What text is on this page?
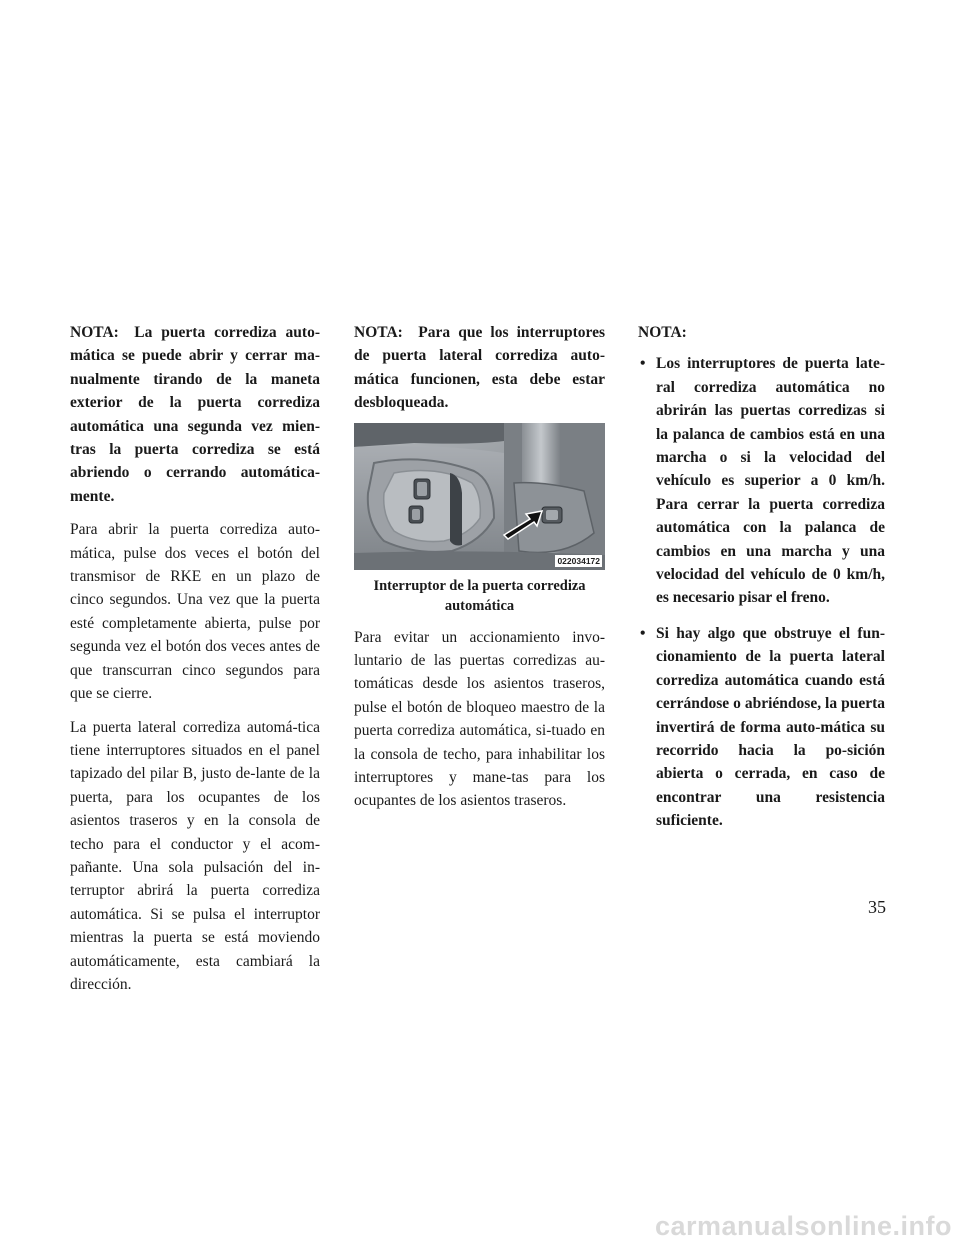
NOTA: La puerta corrediza auto-mática se puede abrir y cerrar ma-nualmente tirando de la maneta exterior de la puerta corrediza automática una segunda vez mien-tras la puerta corrediza se está abriendo o cerrando automática-mente.

Para abrir la puerta corrediza auto-mática, pulse dos veces el botón del transmisor de RKE en un plazo de cinco segundos. Una vez que la puerta esté completamente abierta, pulse por segunda vez el botón dos veces antes de que transcurran cinco segundos para que se cierre.

La puerta lateral corrediza automá-tica tiene interruptores situados en el panel tapizado del pilar B, justo de-lante de la puerta, para los ocupantes de los asientos traseros y en la consola de techo para el conductor y el acom-pañante. Una sola pulsación del in-terruptor abrirá la puerta corrediza automática. Si se pulsa el interruptor mientras la puerta se está moviendo automáticamente, esta cambiará la dirección.

NOTA: Para que los interruptores de puerta lateral corrediza auto-mática funcionen, esta debe estar desbloqueada.

022034172
Interruptor de la puerta corrediza automática

Para evitar un accionamiento invo-luntario de las puertas corredizas au-tomáticas desde los asientos traseros, pulse el botón de bloqueo maestro de la puerta corrediza automática, si-tuado en la consola de techo, para inhabilitar los interruptores y mane-tas para los ocupantes de los asientos traseros.

NOTA:

• Los interruptores de puerta late-ral corrediza automática no abrirán las puertas corredizas si la palanca de cambios está en una marcha o si la velocidad del vehículo es superior a 0 km/h. Para cerrar la puerta corrediza automática con la palanca de cambios en una marcha y una velocidad del vehículo de 0 km/h, es necesario pisar el freno.
• Si hay algo que obstruye el fun-cionamiento de la puerta lateral corrediza automática cuando está cerrándose o abriéndose, la puerta invertirá de forma auto-mática su recorrido hacia la po-sición abierta o cerrada, en caso de encontrar una resistencia suficiente.
35
carmanualsonline.info
